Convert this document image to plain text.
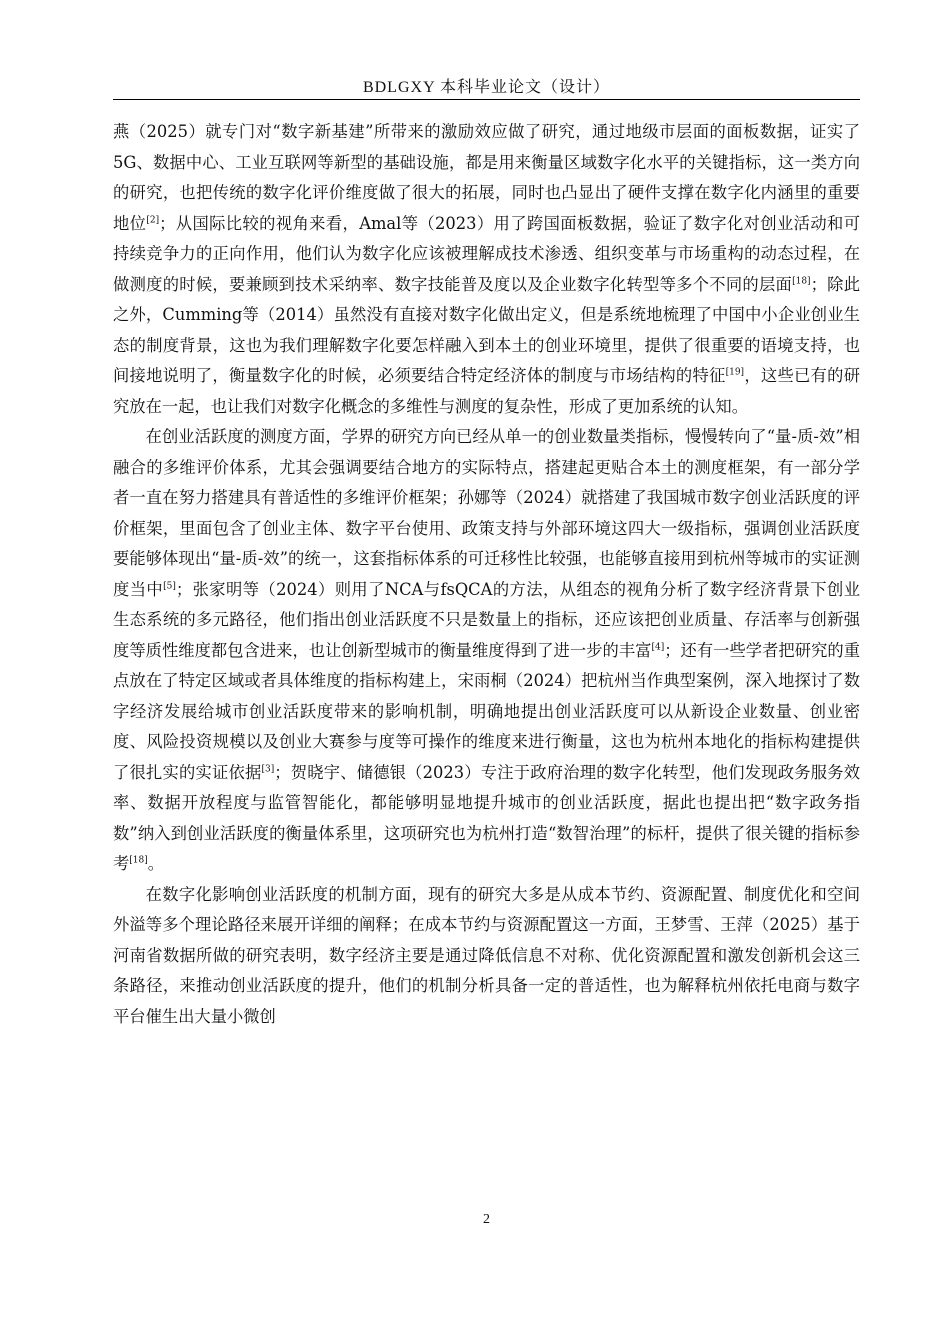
BDLGXY 本科毕业论文（设计）

燕（2025）就专门对“数字新基建”所带来的激励效应做了研究，通过地级市层面的面板数据，证实了5G、数据中心、工业互联网等新型的基础设施，都是用来衡量区域数字化水平的关键指标，这一类方向的研究，也把传统的数字化评价维度做了很大的拓展，同时也凸显出了硬件支撑在数字化内涵里的重要地位[2]；从国际比较的视角来看，Amal等（2023）用了跨国面板数据，验证了数字化对创业活动和可持续竞争力的正向作用，他们认为数字化应该被理解成技术渗透、组织变革与市场重构的动态过程，在做测度的时候，要兼顾到技术采纳率、数字技能普及度以及企业数字化转型等多个不同的层面[18]；除此之外，Cumming等（2014）虽然没有直接对数字化做出定义，但是系统地梳理了中国中小企业创业生态的制度背景，这也为我们理解数字化要怎样融入到本土的创业环境里，提供了很重要的语境支持，也间接地说明了，衡量数字化的时候，必须要结合特定经济体的制度与市场结构的特征[19]，这些已有的研究放在一起，也让我们对数字化概念的多维性与测度的复杂性，形成了更加系统的认知。

在创业活跃度的测度方面，学界的研究方向已经从单一的创业数量类指标，慢慢转向了“量-质-效”相融合的多维评价体系，尤其会强调要结合地方的实际特点，搭建起更贴合本土的测度框架，有一部分学者一直在努力搭建具有普适性的多维评价框架；孙娜等（2024）就搭建了我国城市数字创业活跃度的评价框架，里面包含了创业主体、数字平台使用、政策支持与外部环境这四大一级指标，强调创业活跃度要能够体现出“量-质-效”的统一，这套指标体系的可迁移性比较强，也能够直接用到杭州等城市的实证测度当中[5]；张家明等（2024）则用了NCA与fsQCA的方法，从组态的视角分析了数字经济背景下创业生态系统的多元路径，他们指出创业活跃度不只是数量上的指标，还应该把创业质量、存活率与创新强度等质性维度都包含进来，也让创新型城市的衡量维度得到了进一步的丰富[4]；还有一些学者把研究的重点放在了特定区域或者具体维度的指标构建上，宋雨桐（2024）把杭州当作典型案例，深入地探讨了数字经济发展给城市创业活跃度带来的影响机制，明确地提出创业活跃度可以从新设企业数量、创业密度、风险投资规模以及创业大赛参与度等可操作的维度来进行衡量，这也为杭州本地化的指标构建提供了很扎实的实证依据[3]；贺晓宇、储德银（2023）专注于政府治理的数字化转型，他们发现政务服务效率、数据开放程度与监管智能化，都能够明显地提升城市的创业活跃度，据此也提出把“数字政务指数”纳入到创业活跃度的衡量体系里，这项研究也为杭州打造“数智治理”的标杆，提供了很关键的指标参考[18]。

在数字化影响创业活跃度的机制方面，现有的研究大多是从成本节约、资源配置、制度优化和空间外溢等多个理论路径来展开详细的阐释；在成本节约与资源配置这一方面，王梦雪、王萍（2025）基于河南省数据所做的研究表明，数字经济主要是通过降低信息不对称、优化资源配置和激发创新机会这三条路径，来推动创业活跃度的提升，他们的机制分析具备一定的普适性，也为解释杭州依托电商与数字平台催生出大量小微创

2
